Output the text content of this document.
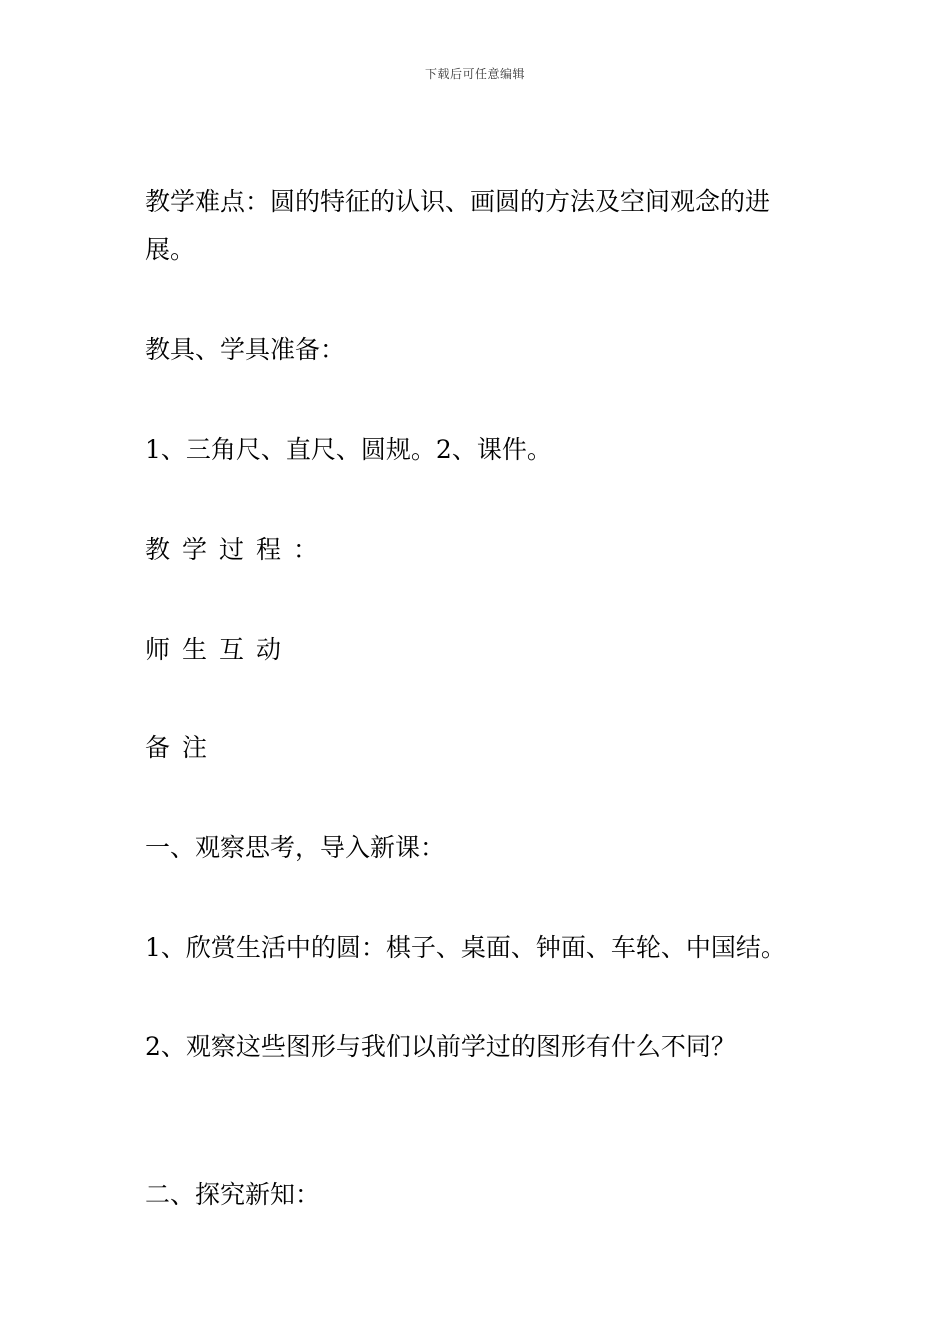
下载后可任意编辑

教学难点：圆的特征的认识、画圆的方法及空间观念的进展。

教具、学具准备：

1、三角尺、直尺、圆规。2、课件。

教学过程：

师生互动

备注

一、观察思考，导入新课：

1、欣赏生活中的圆：棋子、桌面、钟面、车轮、中国结。

2、观察这些图形与我们以前学过的图形有什么不同？

二、探究新知：
